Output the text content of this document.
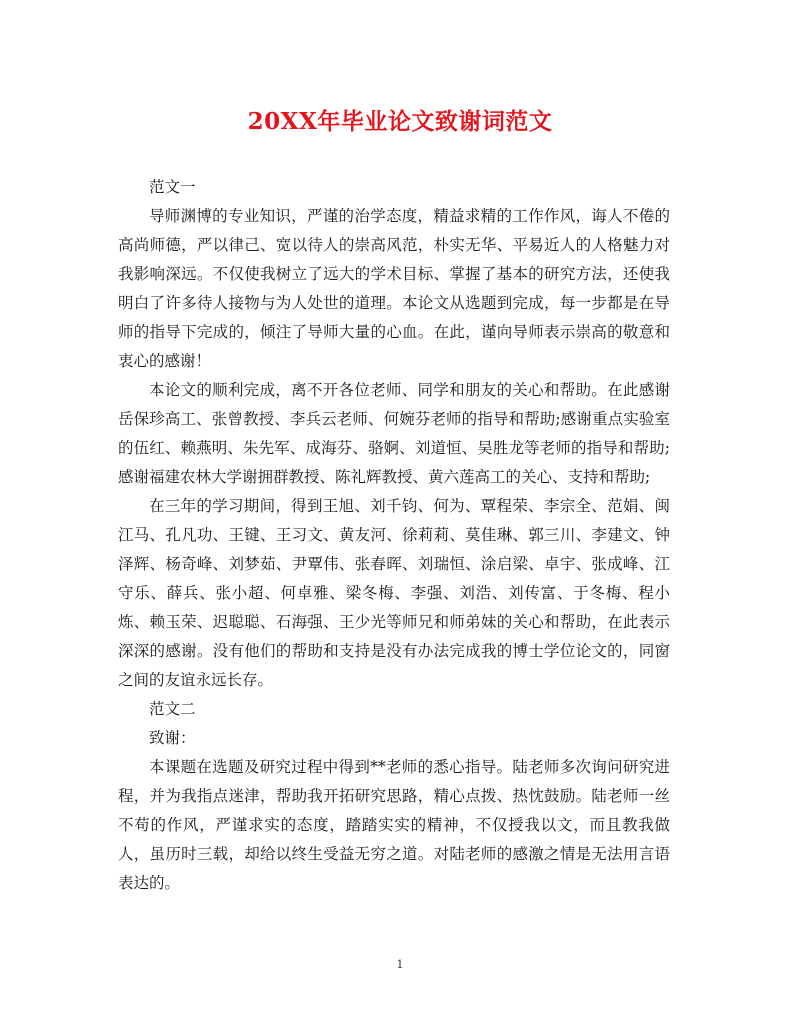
20XX年毕业论文致谢词范文

范文一

导师渊博的专业知识，严谨的治学态度，精益求精的工作作风，诲人不倦的高尚师德，严以律己、宽以待人的崇高风范，朴实无华、平易近人的人格魅力对我影响深远。不仅使我树立了远大的学术目标、掌握了基本的研究方法，还使我明白了许多待人接物与为人处世的道理。本论文从选题到完成，每一步都是在导师的指导下完成的，倾注了导师大量的心血。在此，谨向导师表示崇高的敬意和衷心的感谢！

本论文的顺利完成，离不开各位老师、同学和朋友的关心和帮助。在此感谢岳保珍高工、张曾教授、李兵云老师、何婉芬老师的指导和帮助;感谢重点实验室的伍红、赖燕明、朱先军、成海芬、骆婀、刘道恒、吴胜龙等老师的指导和帮助;感谢福建农林大学谢拥群教授、陈礼辉教授、黄六莲高工的关心、支持和帮助;

在三年的学习期间，得到王旭、刘千钧、何为、覃程荣、李宗全、范娟、闽江马、孔凡功、王键、王习文、黄友河、徐莉莉、莫佳琳、郭三川、李建文、钟泽辉、杨奇峰、刘梦茹、尹覃伟、张春晖、刘瑞恒、涂启梁、卓宇、张成峰、江守乐、薛兵、张小超、何卓雅、梁冬梅、李强、刘浩、刘传富、于冬梅、程小炼、赖玉荣、迟聪聪、石海强、王少光等师兄和师弟妹的关心和帮助，在此表示深深的感谢。没有他们的帮助和支持是没有办法完成我的博士学位论文的，同窗之间的友谊永远长存。

范文二

致谢：

本课题在选题及研究过程中得到**老师的悉心指导。陆老师多次询问研究进程，并为我指点迷津，帮助我开拓研究思路，精心点拨、热忱鼓励。陆老师一丝不苟的作风，严谨求实的态度，踏踏实实的精神，不仅授我以文，而且教我做人，虽历时三载，却给以终生受益无穷之道。对陆老师的感激之情是无法用言语表达的。

1
